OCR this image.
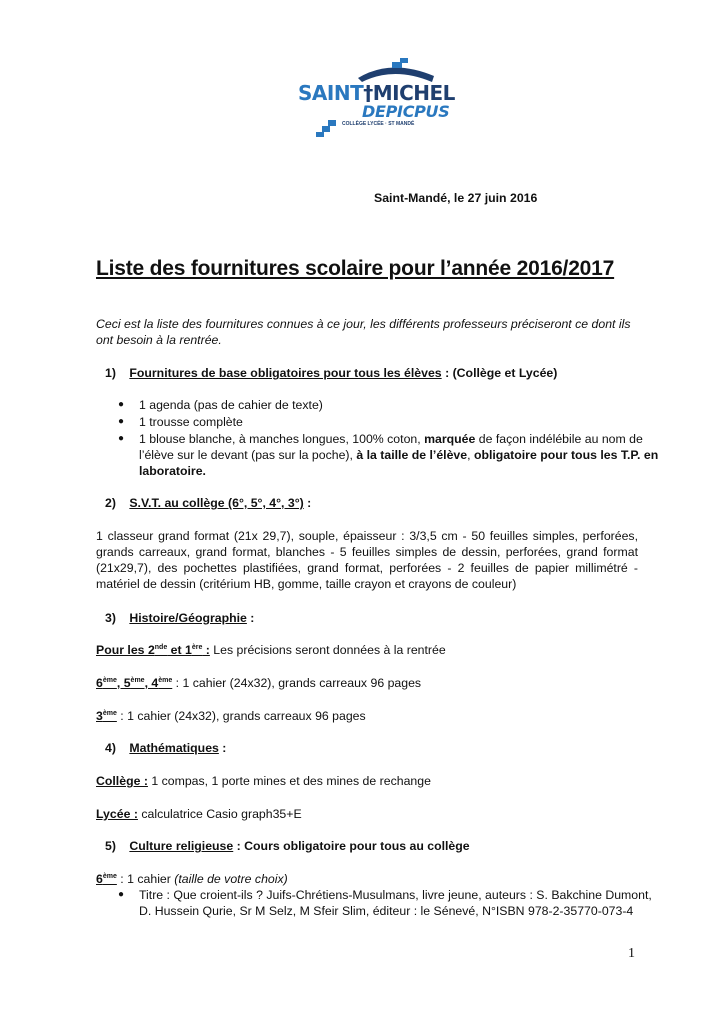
SAINT†MICHEL
DEPICPUS
COLLÈGE LYCÉE · ST MANDÉ
Saint-Mandé, le 27 juin 2016
Liste des fournitures scolaire pour l’année 2016/2017
Ceci est la liste des fournitures connues à ce jour, les différents professeurs préciseront ce dont ils
ont besoin à la rentrée.
1) Fournitures de base obligatoires pour tous les élèves : (Collège et Lycée)
● 1 agenda (pas de cahier de texte)
● 1 trousse complète
● 1 blouse blanche, à manches longues, 100% coton, marquée de façon indélébile au nom de
l’élève sur le devant (pas sur la poche), à la taille de l’élève, obligatoire pour tous les T.P. en
laboratoire.
2) S.V.T. au collège (6°, 5°, 4°, 3°) :
1 classeur grand format (21x 29,7), souple, épaisseur : 3/3,5 cm - 50 feuilles simples, perforées,
grands carreaux, grand format, blanches - 5 feuilles simples de dessin, perforées, grand format
(21x29,7), des pochettes plastifiées, grand format, perforées - 2 feuilles de papier millimétré -
matériel de dessin (critérium HB, gomme, taille crayon et crayons de couleur)
3) Histoire/Géographie :
Pour les 2nde et 1ère : Les précisions seront données à la rentrée
6ème, 5ème, 4ème : 1 cahier (24x32), grands carreaux 96 pages
3ème : 1 cahier (24x32), grands carreaux 96 pages
4) Mathématiques :
Collège : 1 compas, 1 porte mines et des mines de rechange
Lycée : calculatrice Casio graph35+E
5) Culture religieuse : Cours obligatoire pour tous au collège
6ème : 1 cahier (taille de votre choix)
● Titre : Que croient-ils ? Juifs-Chrétiens-Musulmans, livre jeune, auteurs : S. Bakchine Dumont,
D. Hussein Qurie, Sr M Selz, M Sfeir Slim, éditeur : le Sénevé, N°ISBN 978-2-35770-073-4
1
